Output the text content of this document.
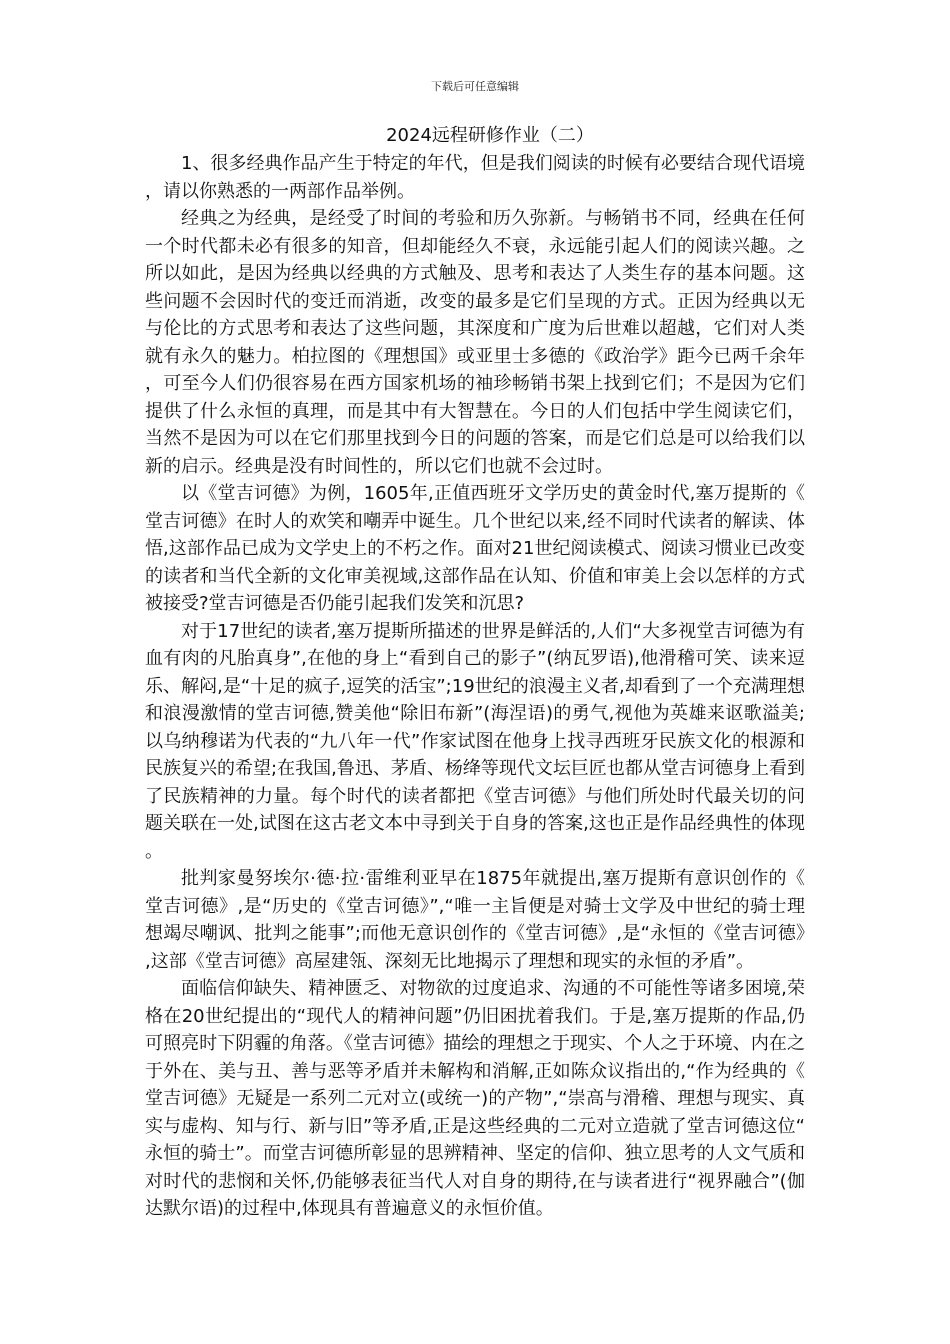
下载后可任意编辑
2024远程研修作业（二）

1、很多经典作品产生于特定的年代，但是我们阅读的时候有必要结合现代语境，请以你熟悉的一两部作品举例。

经典之为经典，是经受了时间的考验和历久弥新。与畅销书不同，经典在任何一个时代都未必有很多的知音，但却能经久不衰，永远能引起人们的阅读兴趣。之所以如此，是因为经典以经典的方式触及、思考和表达了人类生存的基本问题。这些问题不会因时代的变迁而消逝，改变的最多是它们呈现的方式。正因为经典以无与伦比的方式思考和表达了这些问题，其深度和广度为后世难以超越，它们对人类就有永久的魅力。柏拉图的《理想国》或亚里士多德的《政治学》距今已两千余年，可至今人们仍很容易在西方国家机场的袖珍畅销书架上找到它们；不是因为它们提供了什么永恒的真理，而是其中有大智慧在。今日的人们包括中学生阅读它们，当然不是因为可以在它们那里找到今日的问题的答案，而是它们总是可以给我们以新的启示。经典是没有时间性的，所以它们也就不会过时。

以《堂吉诃德》为例，1605年,正值西班牙文学历史的黄金时代,塞万提斯的《堂吉诃德》在时人的欢笑和嘲弄中诞生。几个世纪以来,经不同时代读者的解读、体悟,这部作品已成为文学史上的不朽之作。面对21世纪阅读模式、阅读习惯业已改变的读者和当代全新的文化审美视域,这部作品在认知、价值和审美上会以怎样的方式被接受?堂吉诃德是否仍能引起我们发笑和沉思?

对于17世纪的读者,塞万提斯所描述的世界是鲜活的,人们“大多视堂吉诃德为有血有肉的凡胎真身”,在他的身上“看到自己的影子”(纳瓦罗语),他滑稽可笑、读来逗乐、解闷,是“十足的疯子,逗笑的活宝”;19世纪的浪漫主义者,却看到了一个充满理想和浪漫激情的堂吉诃德,赞美他“除旧布新”(海涅语)的勇气,视他为英雄来讴歌溢美;以乌纳穆诺为代表的“九八年一代”作家试图在他身上找寻西班牙民族文化的根源和民族复兴的希望;在我国,鲁迅、茅盾、杨绛等现代文坛巨匠也都从堂吉诃德身上看到了民族精神的力量。每个时代的读者都把《堂吉诃德》与他们所处时代最关切的问题关联在一处,试图在这古老文本中寻到关于自身的答案,这也正是作品经典性的体现。

批判家曼努埃尔·德·拉·雷维利亚早在1875年就提出,塞万提斯有意识创作的《堂吉诃德》,是“历史的《堂吉诃德》”,“唯一主旨便是对骑士文学及中世纪的骑士理想竭尽嘲讽、批判之能事”;而他无意识创作的《堂吉诃德》,是“永恒的《堂吉诃德》,这部《堂吉诃德》高屋建瓴、深刻无比地揭示了理想和现实的永恒的矛盾”。

面临信仰缺失、精神匮乏、对物欲的过度追求、沟通的不可能性等诸多困境,荣格在20世纪提出的“现代人的精神问题”仍旧困扰着我们。于是,塞万提斯的作品,仍可照亮时下阴霾的角落。《堂吉诃德》描绘的理想之于现实、个人之于环境、内在之于外在、美与丑、善与恶等矛盾并未解构和消解,正如陈众议指出的,“作为经典的《堂吉诃德》无疑是一系列二元对立(或统一)的产物”,“崇高与滑稽、理想与现实、真实与虚构、知与行、新与旧”等矛盾,正是这些经典的二元对立造就了堂吉诃德这位“永恒的骑士”。而堂吉诃德所彰显的思辨精神、坚定的信仰、独立思考的人文气质和对时代的悲悯和关怀,仍能够表征当代人对自身的期待,在与读者进行“视界融合”(伽达默尔语)的过程中,体现具有普遍意义的永恒价值。
